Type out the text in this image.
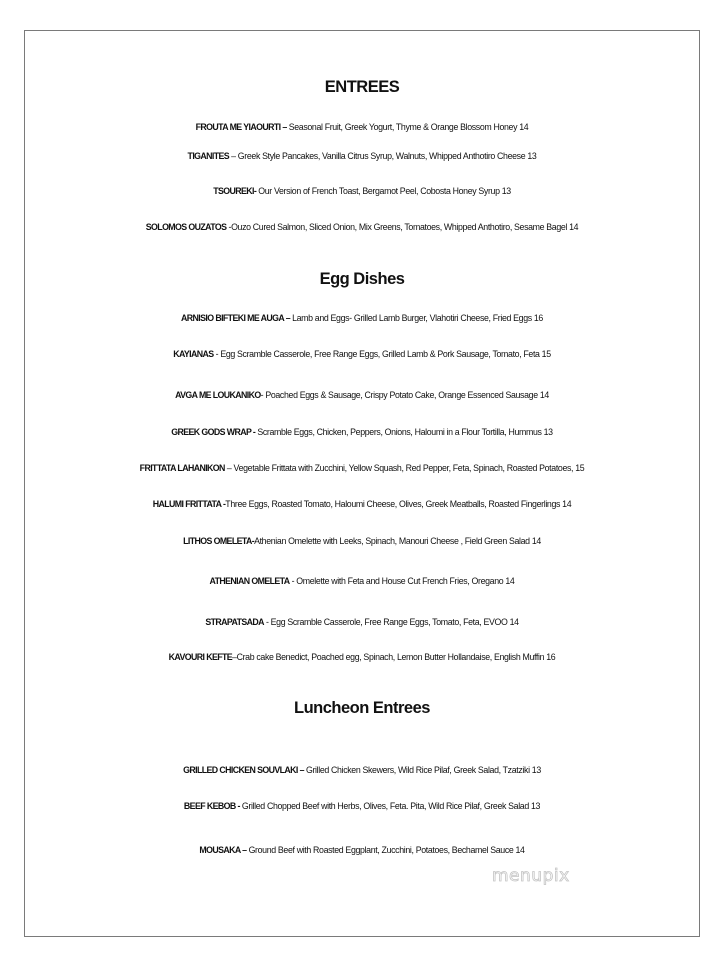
ENTREES
FROUTA ME YIAOURTI – Seasonal Fruit, Greek Yogurt, Thyme & Orange Blossom Honey 14
TIGANITES – Greek Style Pancakes, Vanilla Citrus Syrup, Walnuts, Whipped Anthotiro Cheese 13
TSOUREKI- Our Version of French Toast, Bergamot Peel, Cobosta Honey Syrup 13
SOLOMOS OUZATOS -Ouzo Cured Salmon, Sliced Onion, Mix Greens, Tomatoes, Whipped Anthotiro, Sesame Bagel 14
Egg Dishes
ARNISIO BIFTEKI ME AUGA – Lamb and Eggs- Grilled Lamb Burger, Vlahotiri Cheese, Fried Eggs 16
KAYIANAS - Egg Scramble Casserole, Free Range Eggs, Grilled Lamb & Pork Sausage, Tomato, Feta 15
AVGA ME LOUKANIKO- Poached Eggs & Sausage, Crispy Potato Cake, Orange Essenced Sausage 14
GREEK GODS WRAP - Scramble Eggs, Chicken, Peppers, Onions, Haloumi in a Flour Tortilla, Hummus 13
FRITTATA LAHANIKON – Vegetable Frittata with Zucchini, Yellow Squash, Red Pepper, Feta, Spinach, Roasted Potatoes, 15
HALUMI FRITTATA -Three Eggs, Roasted Tomato, Haloumi Cheese, Olives, Greek Meatballs, Roasted Fingerlings 14
LITHOS OMELETA-Athenian Omelette with Leeks, Spinach, Manouri Cheese , Field Green Salad 14
ATHENIAN OMELETA - Omelette with Feta and House Cut French Fries, Oregano 14
STRAPATSADA - Egg Scramble Casserole, Free Range Eggs, Tomato, Feta, EVOO 14
KAVOURI KEFTE–Crab cake Benedict, Poached egg, Spinach, Lemon Butter Hollandaise, English Muffin 16
Luncheon Entrees
GRILLED CHICKEN SOUVLAKI – Grilled Chicken Skewers, Wild Rice Pilaf, Greek Salad, Tzatziki 13
BEEF KEBOB - Grilled Chopped Beef with Herbs, Olives, Feta. Pita, Wild Rice Pilaf, Greek Salad 13
MOUSAKA – Ground Beef with Roasted Eggplant, Zucchini, Potatoes, Bechamel Sauce 14
menupix
